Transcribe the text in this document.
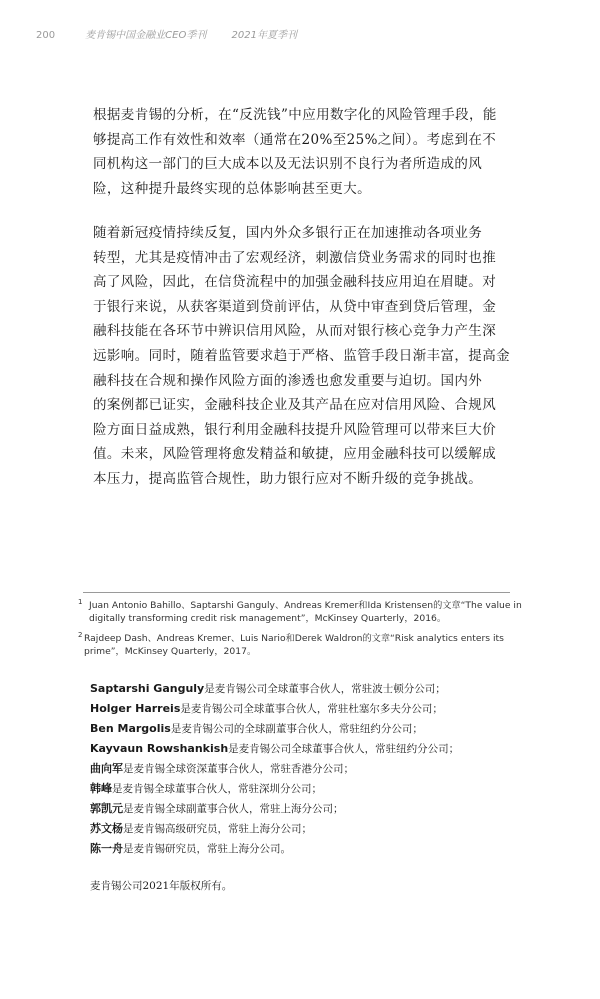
200	麦肯锡中国金融业CEO季刊	2021年夏季刊

根据麦肯锡的分析，在“反洗钱”中应用数字化的风险管理手段，能
够提高工作有效性和效率（通常在20%至25%之间）。考虑到在不
同机构这一部门的巨大成本以及无法识别不良行为者所造成的风
险，这种提升最终实现的总体影响甚至更大。

随着新冠疫情持续反复，国内外众多银行正在加速推动各项业务
转型，尤其是疫情冲击了宏观经济，刺激信贷业务需求的同时也推
高了风险，因此，在信贷流程中的加强金融科技应用迫在眉睫。对
于银行来说，从获客渠道到贷前评估，从贷中审查到贷后管理，金
融科技能在各环节中辨识信用风险，从而对银行核心竞争力产生深
远影响。同时，随着监管要求趋于严格、监管手段日渐丰富，提高金
融科技在合规和操作风险方面的渗透也愈发重要与迫切。国内外
的案例都已证实，金融科技企业及其产品在应对信用风险、合规风
险方面日益成熟，银行利用金融科技提升风险管理可以带来巨大价
值。未来，风险管理将愈发精益和敏捷，应用金融科技可以缓解成
本压力，提高监管合规性，助力银行应对不断升级的竞争挑战。

1 Juan Antonio Bahillo、Saptarshi Ganguly、Andreas Kremer和Ida Kristensen的文章“The value in
digitally transforming credit risk management”，McKinsey Quarterly，2016。
2 Rajdeep Dash、Andreas Kremer、Luis Nario和Derek Waldron的文章“Risk analytics enters its
prime”，McKinsey Quarterly，2017。
Saptarshi Ganguly是麦肯锡公司全球董事合伙人，常驻波士顿分公司；
Holger Harreis是麦肯锡公司全球董事合伙人，常驻杜塞尔多夫分公司；
Ben Margolis是麦肯锡公司的全球副董事合伙人，常驻纽约分公司；
Kayvaun Rowshankish是麦肯锡公司全球董事合伙人，常驻纽约分公司；
曲向军是麦肯锡全球资深董事合伙人，常驻香港分公司；
韩峰是麦肯锡全球董事合伙人，常驻深圳分公司；
郭凯元是麦肯锡全球副董事合伙人，常驻上海分公司；
苏文杨是麦肯锡高级研究员，常驻上海分公司；
陈一舟是麦肯锡研究员，常驻上海分公司。
麦肯锡公司2021年版权所有。
